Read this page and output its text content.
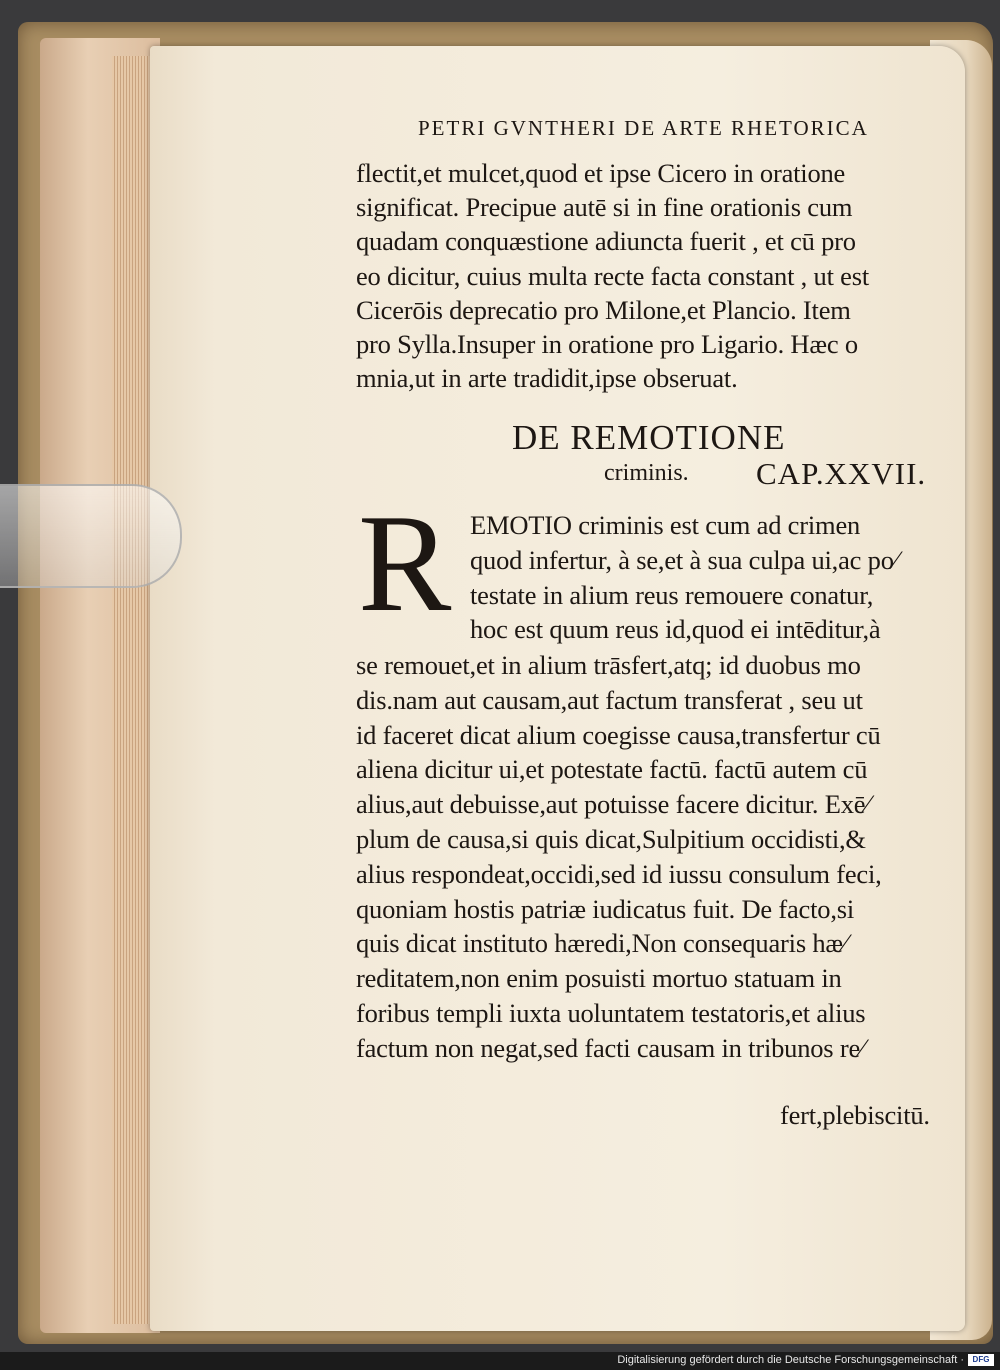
PETRI GVNTHERI DE ARTE RHETORICA
flectit,et mulcet,quod et ipse Cicero in oratione
significat. Precipue autē si in fine orationis cum
quadam conquæstione adiuncta fuerit , et cū pro
eo dicitur, cuius multa recte facta constant , ut est
Cicerōis deprecatio pro Milone,et Plancio. Item
pro Sylla.Insuper in oratione pro Ligario. Hæc o
mnia,ut in arte tradidit,ipse obseruat.
DE REMOTIONE
criminis. CAP.XXVII.
R EMOTIO criminis est cum ad crimen
quod infertur, à se,et à sua culpa ui,ac po⁄
testate in alium reus remouere conatur,
hoc est quum reus id,quod ei intēditur,à
se remouet,et in alium trāsfert,atq; id duobus mo
dis.nam aut causam,aut factum transferat , seu ut
id faceret dicat alium coegisse causa,transfertur cū
aliena dicitur ui,et potestate factū. factū autem cū
alius,aut debuisse,aut potuisse facere dicitur. Exē⁄
plum de causa,si quis dicat,Sulpitium occidisti,&
alius respondeat,occidi,sed id iussu consulum feci,
quoniam hostis patriæ iudicatus fuit. De facto,si
quis dicat instituto hæredi,Non consequaris hæ⁄
reditatem,non enim posuisti mortuo statuam in
foribus templi iuxta uoluntatem testatoris,et alius
factum non negat,sed facti causam in tribunos re⁄
fert,plebiscitū.
Digitalisierung gefördert durch die Deutsche Forschungsgemeinschaft ·	DFG
